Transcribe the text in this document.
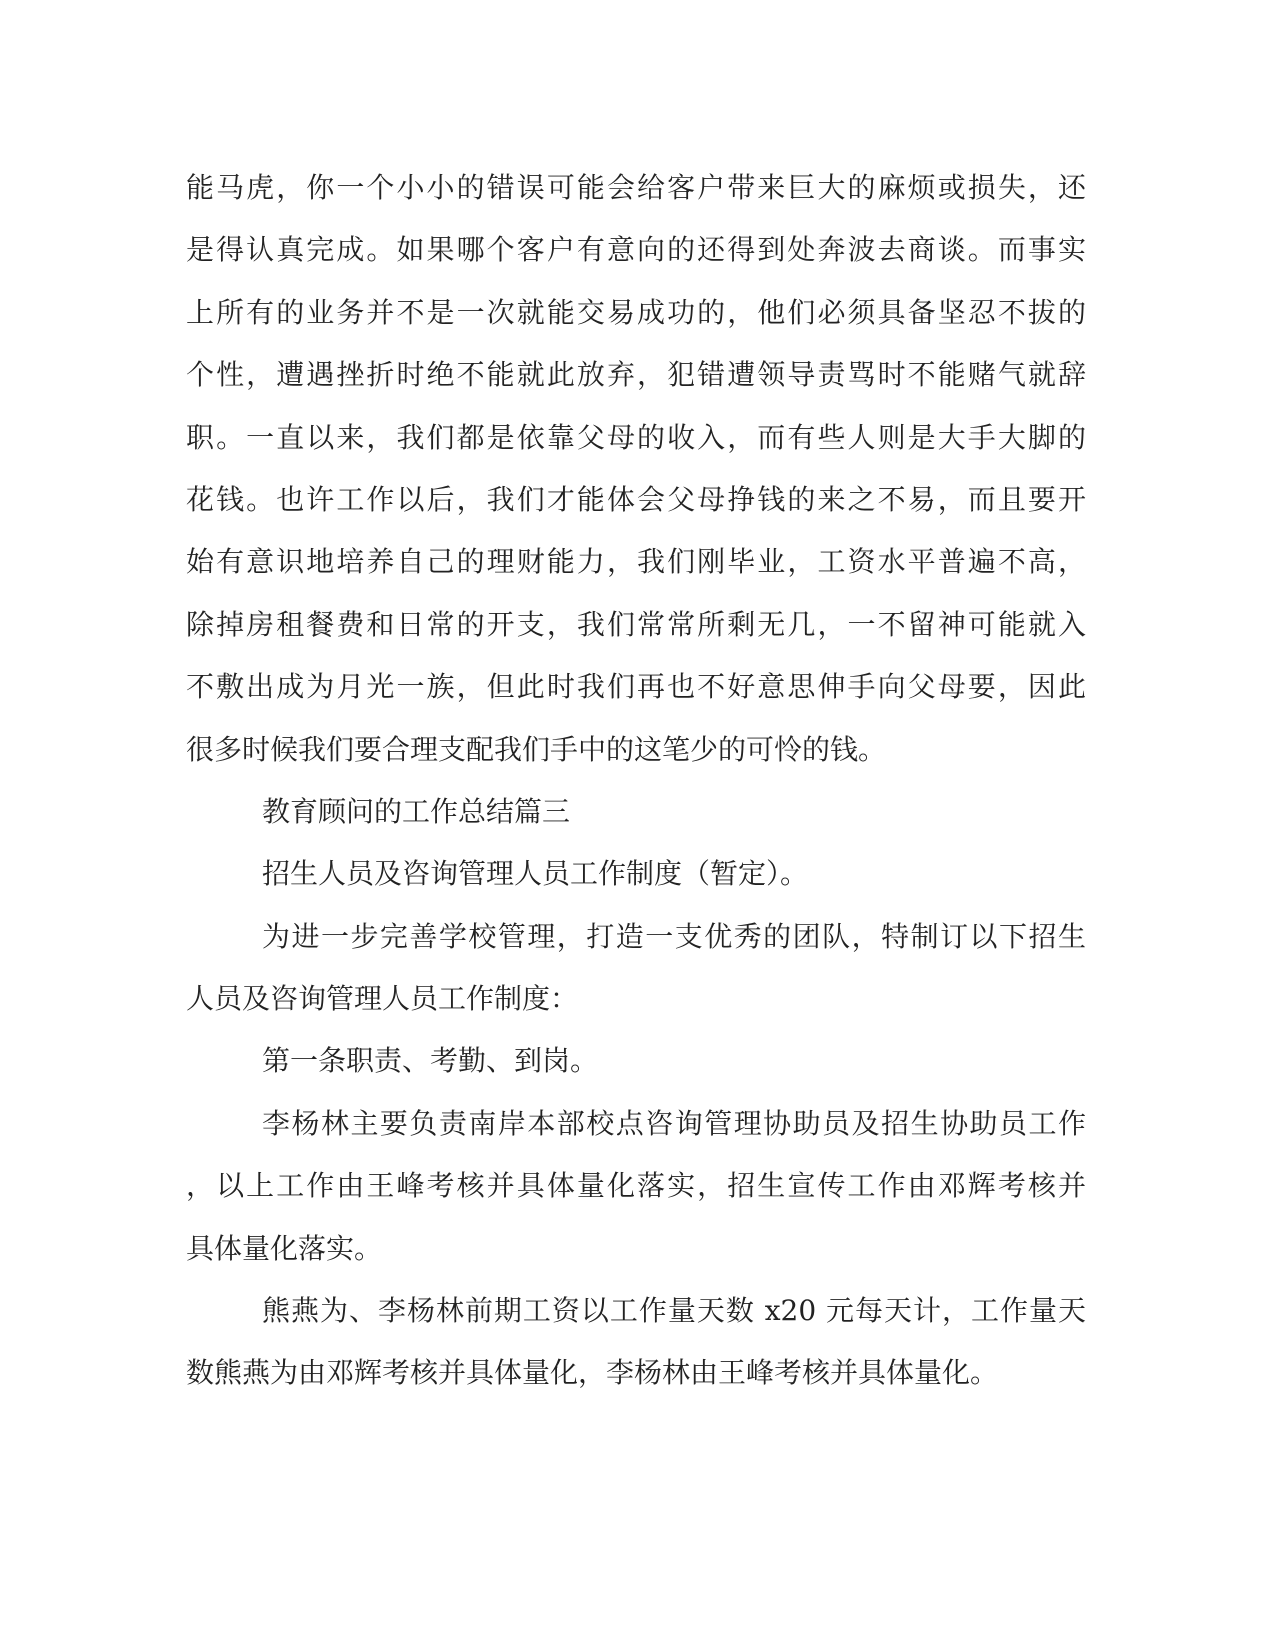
能马虎，你一个小小的错误可能会给客户带来巨大的麻烦或损失，还
是得认真完成。如果哪个客户有意向的还得到处奔波去商谈。而事实
上所有的业务并不是一次就能交易成功的，他们必须具备坚忍不拔的
个性，遭遇挫折时绝不能就此放弃，犯错遭领导责骂时不能赌气就辞
职。一直以来，我们都是依靠父母的收入，而有些人则是大手大脚的
花钱。也许工作以后，我们才能体会父母挣钱的来之不易，而且要开
始有意识地培养自己的理财能力，我们刚毕业，工资水平普遍不高，
除掉房租餐费和日常的开支，我们常常所剩无几，一不留神可能就入
不敷出成为月光一族，但此时我们再也不好意思伸手向父母要，因此
很多时候我们要合理支配我们手中的这笔少的可怜的钱。
教育顾问的工作总结篇三
招生人员及咨询管理人员工作制度（暂定）。
为进一步完善学校管理，打造一支优秀的团队，特制订以下招生
人员及咨询管理人员工作制度：
第一条职责、考勤、到岗。
李杨林主要负责南岸本部校点咨询管理协助员及招生协助员工作
，以上工作由王峰考核并具体量化落实，招生宣传工作由邓辉考核并
具体量化落实。
熊燕为、李杨林前期工资以工作量天数 x20 元每天计，工作量天
数熊燕为由邓辉考核并具体量化，李杨林由王峰考核并具体量化。
